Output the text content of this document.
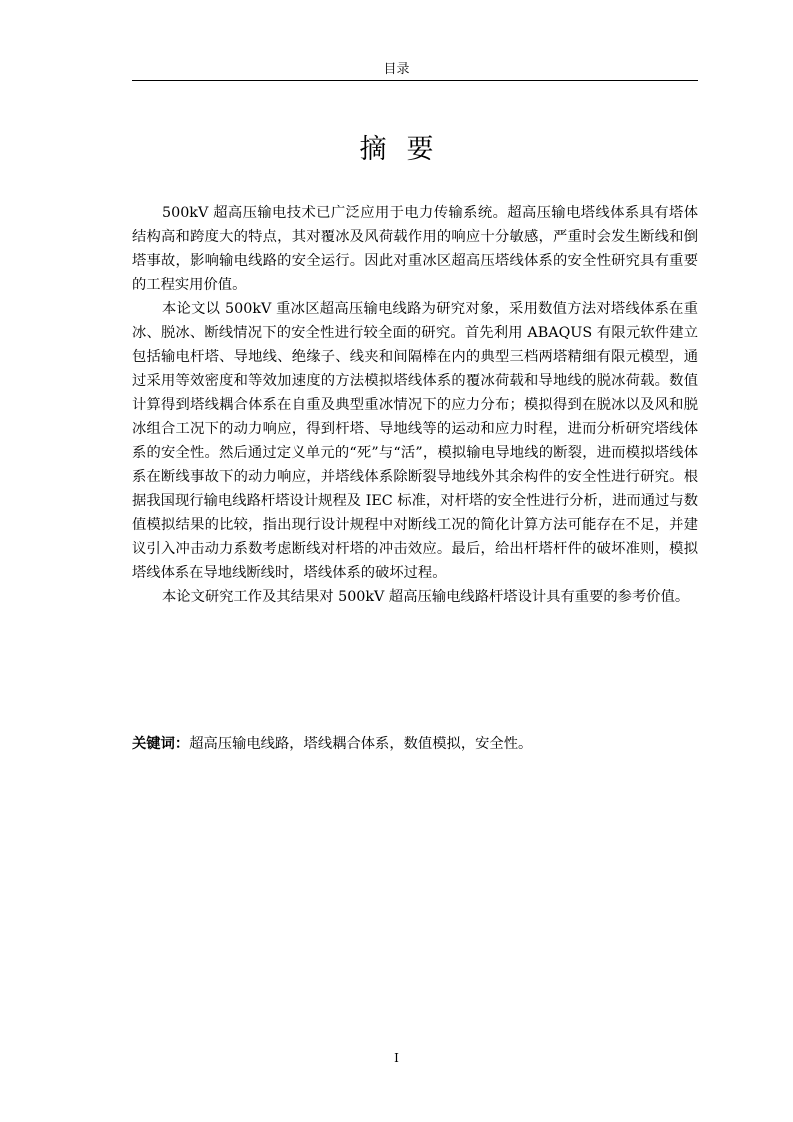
目录
摘要

500kV 超高压输电技术已广泛应用于电力传输系统。超高压输电塔线体系具有塔体结构高和跨度大的特点，其对覆冰及风荷载作用的响应十分敏感，严重时会发生断线和倒塔事故，影响输电线路的安全运行。因此对重冰区超高压塔线体系的安全性研究具有重要的工程实用价值。

本论文以 500kV 重冰区超高压输电线路为研究对象，采用数值方法对塔线体系在重冰、脱冰、断线情况下的安全性进行较全面的研究。首先利用 ABAQUS 有限元软件建立包括输电杆塔、导地线、绝缘子、线夹和间隔棒在内的典型三档两塔精细有限元模型，通过采用等效密度和等效加速度的方法模拟塔线体系的覆冰荷载和导地线的脱冰荷载。数值计算得到塔线耦合体系在自重及典型重冰情况下的应力分布；模拟得到在脱冰以及风和脱冰组合工况下的动力响应，得到杆塔、导地线等的运动和应力时程，进而分析研究塔线体系的安全性。然后通过定义单元的“死”与“活”，模拟输电导地线的断裂，进而模拟塔线体系在断线事故下的动力响应，并塔线体系除断裂导地线外其余构件的安全性进行研究。根据我国现行输电线路杆塔设计规程及 IEC 标准，对杆塔的安全性进行分析，进而通过与数值模拟结果的比较，指出现行设计规程中对断线工况的简化计算方法可能存在不足，并建议引入冲击动力系数考虑断线对杆塔的冲击效应。最后，给出杆塔杆件的破坏准则，模拟塔线体系在导地线断线时，塔线体系的破坏过程。

本论文研究工作及其结果对 500kV 超高压输电线路杆塔设计具有重要的参考价值。

关键词：超高压输电线路，塔线耦合体系，数值模拟，安全性。
I
